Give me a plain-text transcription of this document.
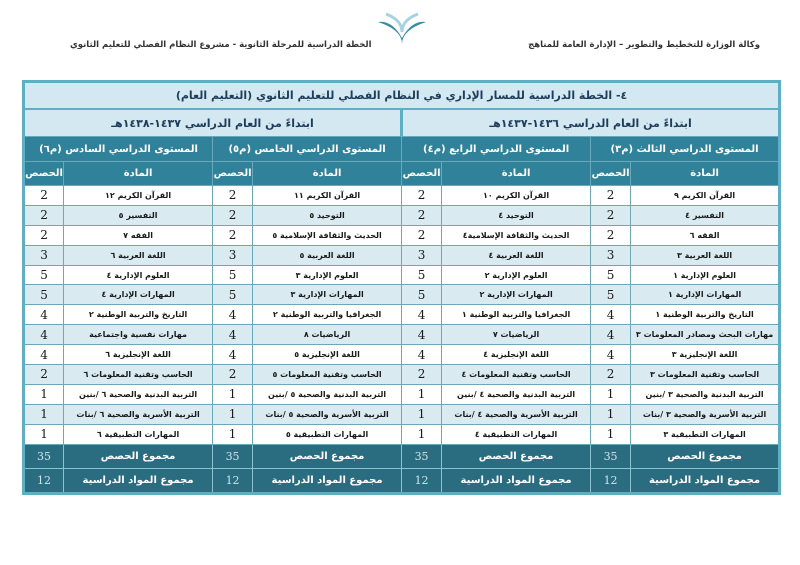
وكالة الوزارة للتخطيط والتطوير – الإدارة العامة للمناهج
الخطة الدراسية للمرحلة الثانوية - مشروع النظام الفصلي للتعليم الثانوي
٤- الخطة الدراسية للمسار الإداري في النظام الفصلي للتعليم الثانوي (التعليم العام)							
ابتداءً من العام الدراسي ١٤٣٦-١٤٣٧هـ				ابتداءً من العام الدراسي ١٤٣٧-١٤٣٨هـ			
المستوى الدراسي الثالث (م٣)		المستوى الدراسي الرابع (م٤)		المستوى الدراسي الخامس (م٥)		المستوى الدراسي السادس (م٦)	
المادة	الحصص	المادة	الحصص	المادة	الحصص	المادة	الحصص
القرآن الكريم ٩	2	القرآن الكريم ١٠	2	القرآن الكريم ١١	2	القرآن الكريم ١٢	2
التفسير ٤	2	التوحيد ٤	2	التوحيد ٥	2	التفسير ٥	2
الفقه ٦	2	الحديث والثقافة الإسلامية٤	2	الحديث والثقافة الإسلامية ٥	2	الفقه ٧	2
اللغة العربية ٣	3	اللغة العربية ٤	3	اللغة العربية ٥	3	اللغة العربية ٦	3
العلوم الإدارية ١	5	العلوم الإدارية ٢	5	العلوم الإدارية ٣	5	العلوم الإدارية ٤	5
المهارات الإدارية ١	5	المهارات الإدارية ٢	5	المهارات الإدارية ٣	5	المهارات الإدارية ٤	5
التاريخ والتربية الوطنية ١	4	الجغرافيا والتربية الوطنية ١	4	الجغرافيا والتربية الوطنية ٢	4	التاريخ والتربية الوطنية ٢	4
مهارات البحث ومصادر المعلومات ٣	4	الرياضيات ٧	4	الرياضيات ٨	4	مهارات نفسية واجتماعية	4
اللغة الإنجليزية ٣	4	اللغة الإنجليزية ٤	4	اللغة الإنجليزية ٥	4	اللغة الإنجليزية ٦	4
الحاسب وتقنية المعلومات ٣	2	الحاسب وتقنية المعلومات ٤	2	الحاسب وتقنية المعلومات ٥	2	الحاسب وتقنية المعلومات ٦	2
التربية البدنية والصحية ٣ /بنين	1	التربية البدنية والصحية ٤ /بنين	1	التربية البدنية والصحية ٥ /بنين	1	التربية البدنية والصحية ٦ /بنين	1
التربية الأسرية والصحية ٣ /بنات	1	التربية الأسرية والصحية ٤ /بنات	1	التربية الأسرية والصحية ٥ /بنات	1	التربية الأسرية والصحية ٦ /بنات	1
المهارات التطبيقية ٣	1	المهارات التطبيقية ٤	1	المهارات التطبيقية ٥	1	المهارات التطبيقية ٦	1
مجموع الحصص	35	مجموع الحصص	35	مجموع الحصص	35	مجموع الحصص	35
مجموع المواد الدراسية	12	مجموع المواد الدراسية	12	مجموع المواد الدراسية	12	مجموع المواد الدراسية	12
